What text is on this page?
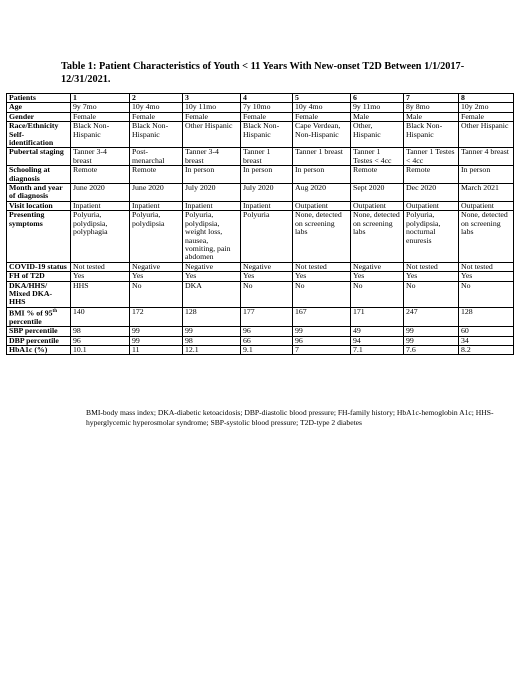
Table 1: Patient Characteristics of Youth < 11 Years With New-onset T2D Between 1/1/2017-12/31/2021.

Patients	1	2	3	4	5	6	7	8
Age	9y 7mo	10y 4mo	10y 11mo	7y 10mo	10y 4mo	9y 11mo	8y 8mo	10y 2mo
Gender	Female	Female	Female	Female	Female	Male	Male	Female
Race/Ethnicity Self-identification	Black Non-Hispanic	Black Non-Hispanic	Other Hispanic	Black Non-Hispanic	Cape Verdean, Non-Hispanic	Other, Hispanic	Black Non-Hispanic	Other Hispanic
Pubertal staging	Tanner 3-4 breast	Post-menarchal	Tanner 3-4 breast	Tanner 1 breast	Tanner 1 breast	Tanner 1 Testes < 4cc	Tanner 1 Testes < 4cc	Tanner 4 breast
Schooling at diagnosis	Remote	Remote	In person	In person	In person	Remote	Remote	In person
Month and year of diagnosis	June 2020	June 2020	July 2020	July 2020	Aug 2020	Sept 2020	Dec 2020	March 2021
Visit location	Inpatient	Inpatient	Inpatient	Inpatient	Outpatient	Outpatient	Outpatient	Outpatient
Presenting symptoms	Polyuria, polydipsia, polyphagia	Polyuria, polydipsia	Polyuria, polydipsia, weight loss, nausea, vomiting, pain abdomen	Polyuria	None, detected on screening labs	None, detected on screening labs	Polyuria, polydipsia, nocturnal enuresis	None, detected on screening labs
COVID-19 status	Not tested	Negative	Negative	Negative	Not tested	Negative	Not tested	Not tested
FH of T2D	Yes	Yes	Yes	Yes	Yes	Yes	Yes	Yes
DKA/HHS/ Mixed DKA-HHS	HHS	No	DKA	No	No	No	No	No
BMI % of 95th percentile	140	172	128	177	167	171	247	128
SBP percentile	98	99	99	96	99	49	99	60
DBP percentile	96	99	98	66	96	94	99	34
HbA1c (%)	10.1	11	12.1	9.1	7	7.1	7.6	8.2

BMI-body mass index; DKA-diabetic ketoacidosis; DBP-diastolic blood pressure; FH-family history; HbA1c-hemoglobin A1c; HHS-hyperglycemic hyperosmolar syndrome; SBP-systolic blood pressure; T2D-type 2 diabetes
